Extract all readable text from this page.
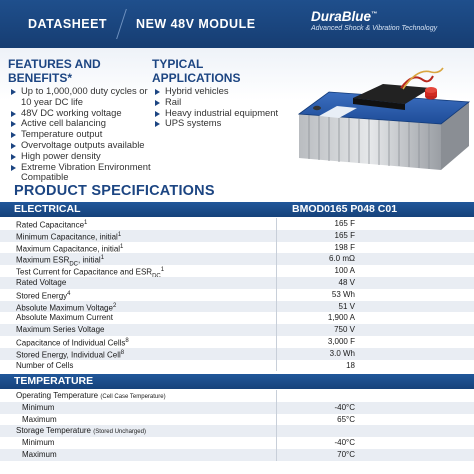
DATASHEET NEW 48V MODULE	DuraBlue™
Advanced Shock & Vibration Technology
FEATURES AND BENEFITS*
Up to 1,000,000 duty cycles or 10 year DC life
48V DC working voltage
Active cell balancing
Temperature output
Overvoltage outputs available
High power density
Extreme Vibration Environment Compatible
TYPICAL APPLICATIONS
Hybrid vehicles
Rail
Heavy industrial equipment
UPS systems
PRODUCT SPECIFICATIONS
ELECTRICAL	BMOD0165 P048 C01
Rated Capacitance$^1$	165 F
Minimum Capacitance, initial$^1$	165 F
Maximum Capacitance, initial$^1$	198 F
Maximum $ESR_{DC}$, initial$^1$	6.0 mΩ
Test Current for Capacitance and ESR $^1$	100 A
Rated Voltage	48 V
Stored Energy$^4$	53 Wh
Absolute Maximum Voltage$^2$	51 V
Absolute Maximum Current	1,900 A
Maximum Series Voltage	750 V
Capacitance of Individual Cells$^8$	3,000 F
Stored Energy, Individual Cell$^8$	3.0 Wh
Number of Cells	18
TEMPERATURE
Operating Temperature (Cell Case Temperature)
Minimum	-40°C
Maximum	65°C
Storage Temperature (Stored Uncharged)
Minimum	-40°C
Maximum	70°C
